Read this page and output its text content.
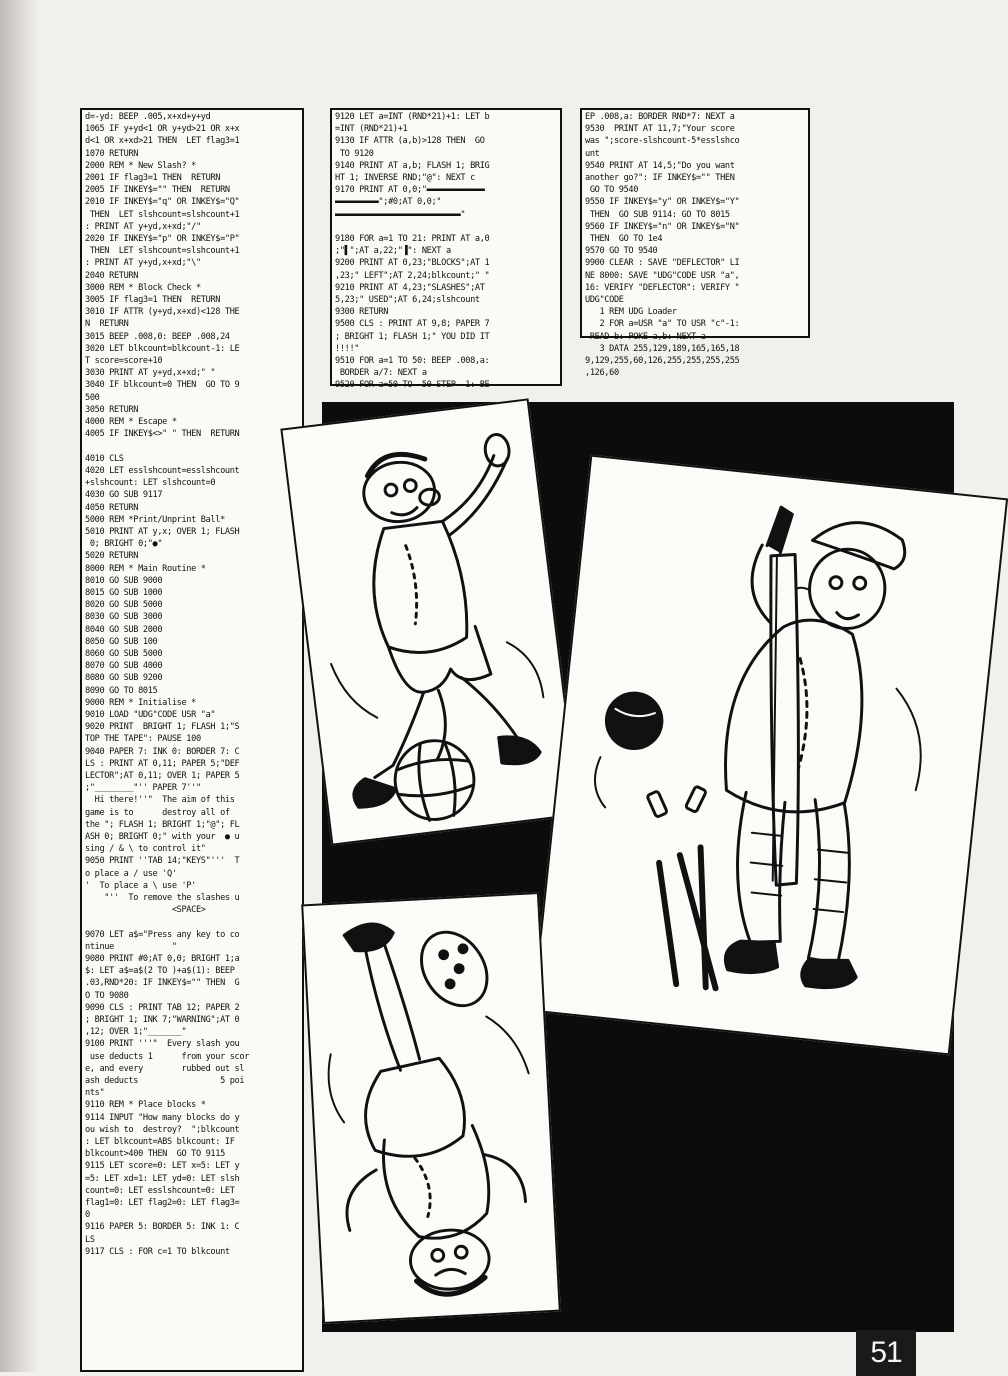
d=-yd: BEEP .005,x+xd+y+yd
1065 IF y+yd<1 OR y+yd>21 OR x+x
d<1 OR x+xd>21 THEN  LET flag3=1
1070 RETURN
2000 REM * New Slash? *
2001 IF flag3=1 THEN  RETURN
2005 IF INKEY$="" THEN  RETURN
2010 IF INKEY$="q" OR INKEY$="Q"
THEN  LET slshcount=slshcount+1
: PRINT AT y+yd,x+xd;"/"
2020 IF INKEY$="p" OR INKEY$="P"
THEN  LET slshcount=slshcount+1
: PRINT AT y+yd,x+xd;"\"
2040 RETURN
3000 REM * Block Check *
3005 IF flag3=1 THEN  RETURN
3010 IF ATTR (y+yd,x+xd)<128 THE
N  RETURN
3015 BEEP .008,0: BEEP .008,24
3020 LET blkcount=blkcount-1: LE
T score=score+10
3030 PRINT AT y+yd,x+xd;" "
3040 IF blkcount=0 THEN  GO TO 9
500
3050 RETURN
4000 REM * Escape *
4005 IF INKEY$<>" " THEN  RETURN

4010 CLS
4020 LET esslshcount=esslshcount
+slshcount: LET slshcount=0
4030 GO SUB 9117
4050 RETURN
5000 REM *Print/Unprint Ball*
5010 PRINT AT y,x; OVER 1; FLASH
0; BRIGHT 0;"●"
5020 RETURN
8000 REM * Main Routine *
8010 GO SUB 9000
8015 GO SUB 1000
8020 GO SUB 5000
8030 GO SUB 3000
8040 GO SUB 2000
8050 GO SUB 100
8060 GO SUB 5000
8070 GO SUB 4000
8080 GO SUB 9200
8090 GO TO 8015
9000 REM * Initialise *
9010 LOAD "UDG"CODE USR "a"
9020 PRINT  BRIGHT 1; FLASH 1;"S
TOP THE TAPE": PAUSE 100
9040 PAPER 7: INK 0: BORDER 7: C
LS : PRINT AT 0,11; PAPER 5;"DEF
LECTOR";AT 0,11; OVER 1; PAPER 5
;"________"'' PAPER 7''"
Hi there!''"  The aim of this
game is to      destroy all of
the "; FLASH 1; BRIGHT 1;"@"; FL
ASH 0; BRIGHT 0;" with your  ● u
sing / & \ to control it"
9050 PRINT ''TAB 14;"KEYS"'''  T
o place a / use 'Q'
'  To place a \ use 'P'
"''  To remove the slashes u
<SPACE>

9070 LET a$="Press any key to co
ntinue            "
9080 PRINT #0;AT 0,0; BRIGHT 1;a
$: LET a$=a$(2 TO )+a$(1): BEEP
.03,RND*20: IF INKEY$="" THEN  G
O TO 9080
9090 CLS : PRINT TAB 12; PAPER 2
; BRIGHT 1; INK 7;"WARNING";AT 0
,12; OVER 1;"_______"
9100 PRINT '''"  Every slash you
use deducts 1      from your scor
e, and every        rubbed out sl
ash deducts                 5 poi
nts"
9110 REM * Place blocks *
9114 INPUT "How many blocks do y
ou wish to  destroy?  ";blkcount
: LET blkcount=ABS blkcount: IF
blkcount>400 THEN  GO TO 9115
9115 LET score=0: LET x=5: LET y
=5: LET xd=1: LET yd=0: LET slsh
count=0: LET esslshcount=0: LET
flag1=0: LET flag2=0: LET flag3=
0
9116 PAPER 5: BORDER 5: INK 1: C
LS
9117 CLS : FOR c=1 TO blkcount
9120 LET a=INT (RND*21)+1: LET b
=INT (RND*21)+1
9130 IF ATTR (a,b)>128 THEN  GO
TO 9120
9140 PRINT AT a,b; FLASH 1; BRIG
HT 1; INVERSE RND;"@": NEXT c
9170 PRINT AT 0,0;"▬▬▬▬▬▬▬▬▬▬▬▬
▬▬▬▬▬▬▬▬▬";#0;AT 0,0;"
▬▬▬▬▬▬▬▬▬▬▬▬▬▬▬▬▬▬▬▬▬▬▬▬▬▬"

9180 FOR a=1 TO 21: PRINT AT a,0
;"▌";AT a,22;"▐": NEXT a
9200 PRINT AT 0,23;"BLOCKS";AT 1
,23;" LEFT";AT 2,24;blkcount;" "
9210 PRINT AT 4,23;"SLASHES";AT
5,23;" USED";AT 6,24;slshcount
9300 RETURN
9500 CLS : PRINT AT 9,8; PAPER 7
; BRIGHT 1; FLASH 1;" YOU DID IT
!!!!"
9510 FOR a=1 TO 50: BEEP .008,a:
BORDER a/7: NEXT a
9520 FOR a=50 TO -50 STEP -1: BE
EP .008,a: BORDER RND*7: NEXT a
9530  PRINT AT 11,7;"Your score
was ";score-slshcount-5*esslshco
unt
9540 PRINT AT 14,5;"Do you want
another go?": IF INKEY$="" THEN
GO TO 9540
9550 IF INKEY$="y" OR INKEY$="Y"
THEN  GO SUB 9114: GO TO 8015
9560 IF INKEY$="n" OR INKEY$="N"
THEN  GO TO 1e4
9570 GO TO 9540
9900 CLEAR : SAVE "DEFLECTOR" LI
NE 8000: SAVE "UDG"CODE USR "a",
16: VERIFY "DEFLECTOR": VERIFY "
UDG"CODE
1 REM UDG Loader
2 FOR a=USR "a" TO USR "c"-1:
READ b: POKE a,b: NEXT a
3 DATA 255,129,189,165,165,18
9,129,255,60,126,255,255,255,255
,126,60
51
